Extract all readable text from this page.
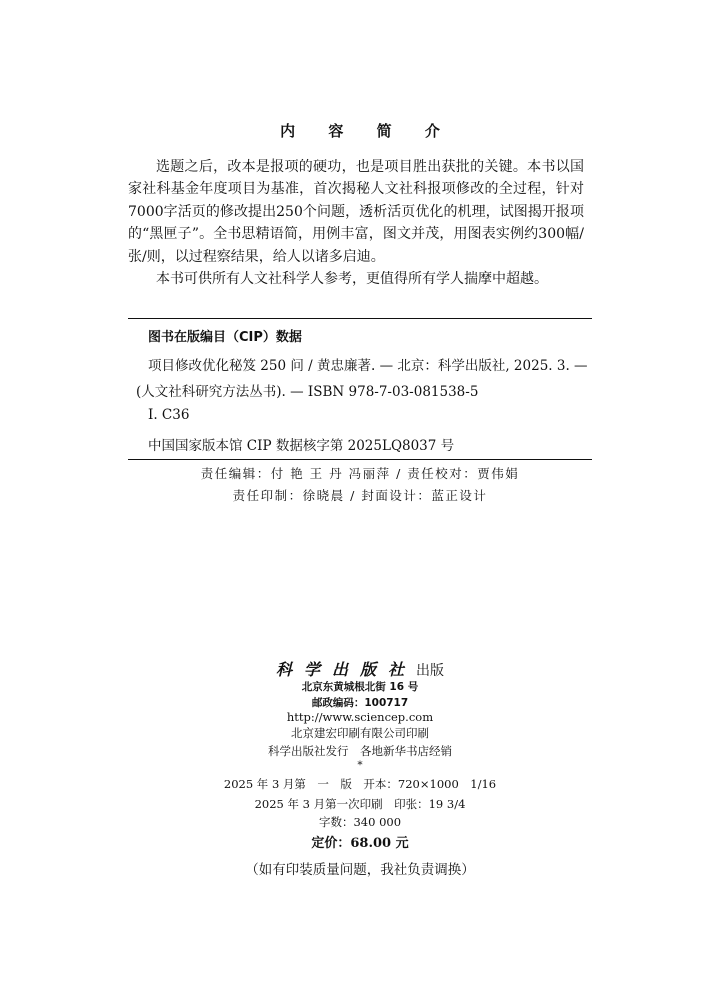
内 容 简 介

选题之后，改本是报项的硬功，也是项目胜出获批的关键。本书以国家社科基金年度项目为基准，首次揭秘人文社科报项修改的全过程，针对7000字活页的修改提出250个问题，透析活页优化的机理，试图揭开报项的“黑匣子”。全书思精语简，用例丰富，图文并茂，用图表实例约300幅/张/则，以过程察结果，给人以诸多启迪。

本书可供所有人文社科学人参考，更值得所有学人揣摩中超越。

图书在版编目（CIP）数据
项目修改优化秘笈 250 问 / 黄忠廉著. — 北京：科学出版社, 2025. 3. —
(人文社科研究方法丛书). — ISBN 978-7-03-081538-5
Ⅰ. C36
中国国家版本馆 CIP 数据核字第 2025LQ8037 号
责任编辑：付 艳 王 丹 冯丽萍 / 责任校对：贾伟娟
责任印制：徐晓晨 / 封面设计：蓝正设计
科学出版社出版
北京东黄城根北街 16 号
邮政编码：100717
http://www.sciencep.com
北京建宏印刷有限公司印刷
科学出版社发行　各地新华书店经销
*
2025 年 3 月第　一　版　开本：720×1000　1/16
2025 年 3 月第一次印刷　印张：19 3/4
字数：340 000
定价：68.00 元
（如有印装质量问题，我社负责调换）
